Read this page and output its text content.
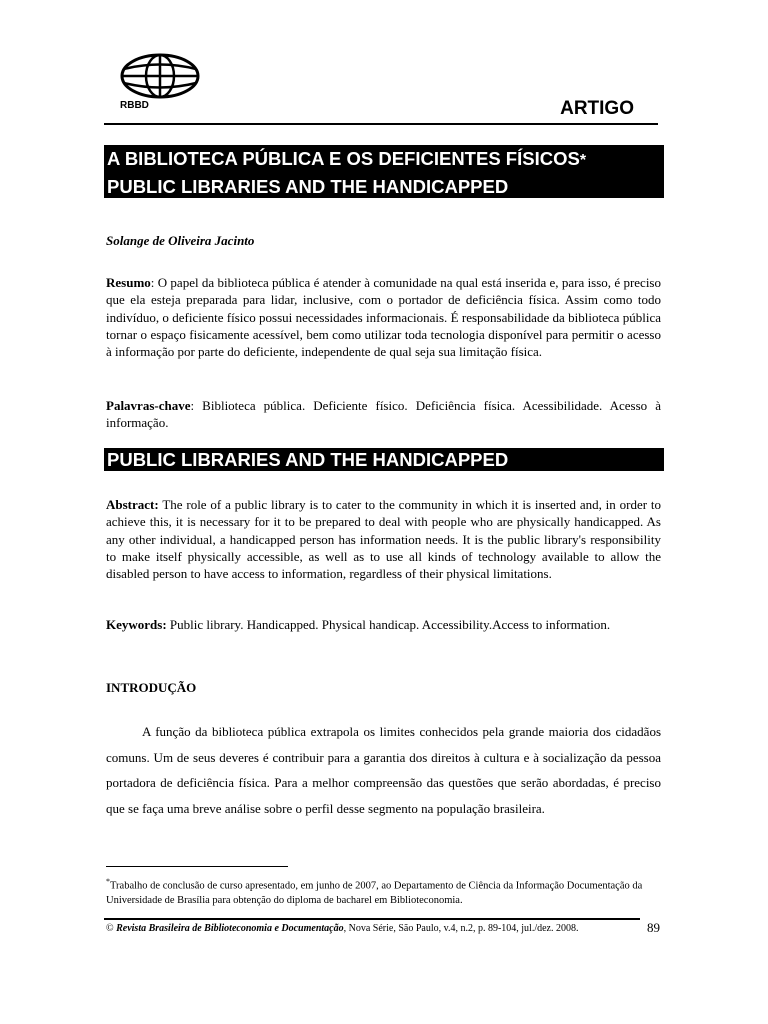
RBBD	ARTIGO
A BIBLIOTECA PÚBLICA E OS DEFICIENTES FÍSICOS*
PUBLIC LIBRARIES AND THE HANDICAPPED
Solange de Oliveira Jacinto
Resumo: O papel da biblioteca pública é atender à comunidade na qual está inserida e, para isso, é preciso que ela esteja preparada para lidar, inclusive, com o portador de deficiência física. Assim como todo indivíduo, o deficiente físico possui necessidades informacionais. É responsabilidade da biblioteca pública tornar o espaço fisicamente acessível, bem como utilizar toda tecnologia disponível para permitir o acesso à informação por parte do deficiente, independente de qual seja sua limitação física.
Palavras-chave: Biblioteca pública. Deficiente físico. Deficiência física. Acessibilidade. Acesso à informação.
PUBLIC LIBRARIES AND THE HANDICAPPED
Abstract: The role of a public library is to cater to the community in which it is inserted and, in order to achieve this, it is necessary for it to be prepared to deal with people who are physically handicapped. As any other individual, a handicapped person has information needs. It is the public library's responsibility to make itself physically accessible, as well as to use all kinds of technology available to allow the disabled person to have access to information, regardless of their physical limitations.
Keywords: Public library. Handicapped. Physical handicap. Accessibility.Access to information.
INTRODUÇÃO
A função da biblioteca pública extrapola os limites conhecidos pela grande maioria dos cidadãos comuns. Um de seus deveres é contribuir para a garantia dos direitos à cultura e à socialização da pessoa portadora de deficiência física. Para a melhor compreensão das questões que serão abordadas, é preciso que se faça uma breve análise sobre o perfil desse segmento na população brasileira.
*Trabalho de conclusão de curso apresentado, em junho de 2007, ao Departamento de Ciência da Informação Documentação da Universidade de Brasília para obtenção do diploma de bacharel em Biblioteconomia.
© Revista Brasileira de Biblioteconomia e Documentação, Nova Série, São Paulo, v.4, n.2, p. 89-104, jul./dez. 2008.	89
